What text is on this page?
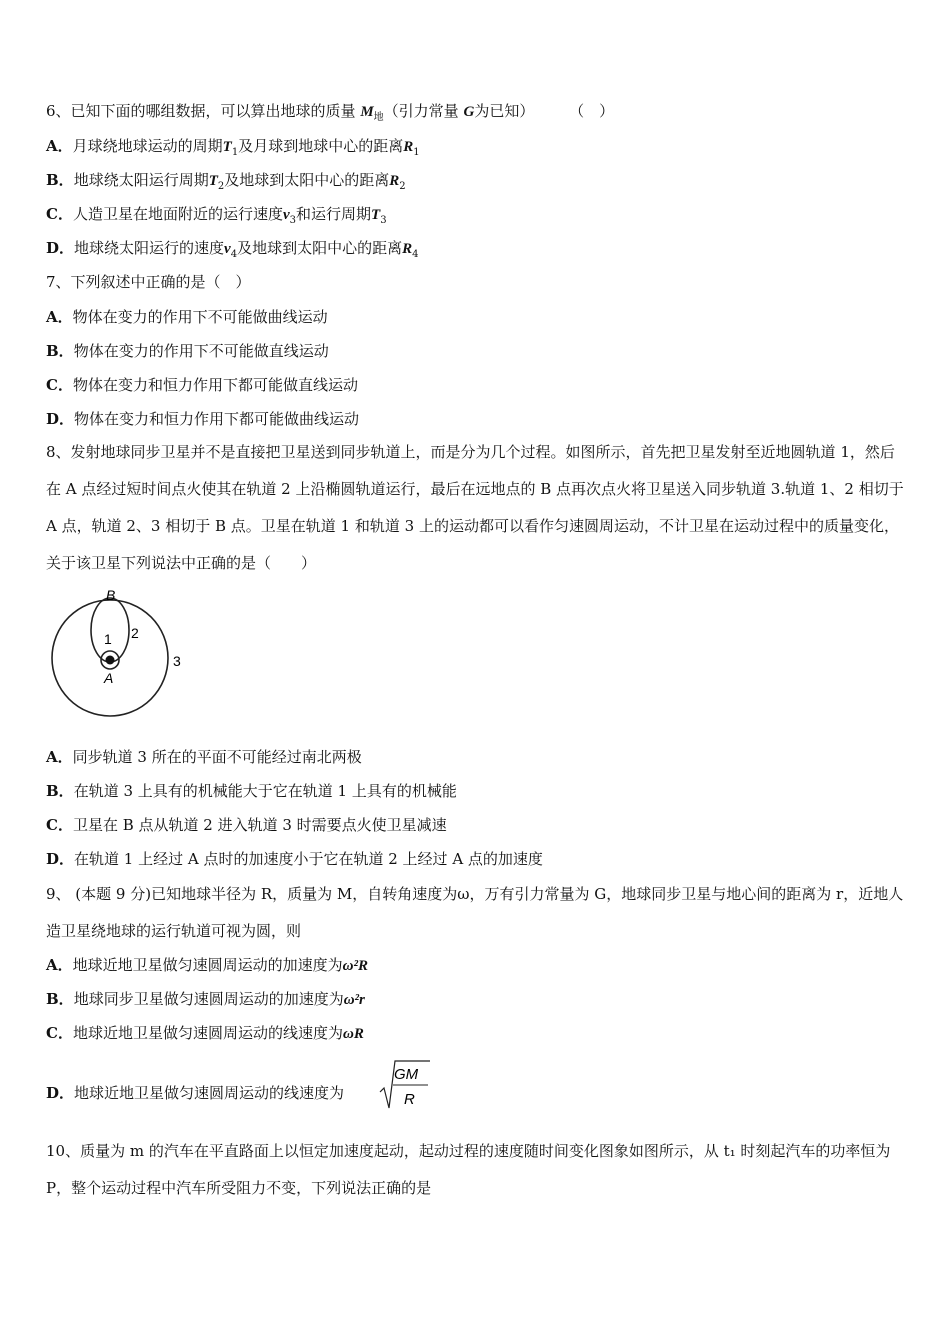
6、已知下面的哪组数据，可以算出地球的质量 $M_地$（引力常量 G为已知） （　）
A．月球绕地球运动的周期$T_1$及月球到地球中心的距离$R_1$
B．地球绕太阳运行周期$T_2$及地球到太阳中心的距离$R_2$
C．人造卫星在地面附近的运行速度$v_3$和运行周期$T_3$
D．地球绕太阳运行的速度$v_4$及地球到太阳中心的距离$R_4$
7、下列叙述中正确的是（　）
A．物体在变力的作用下不可能做曲线运动
B．物体在变力的作用下不可能做直线运动
C．物体在变力和恒力作用下都可能做直线运动
D．物体在变力和恒力作用下都可能做曲线运动
8、发射地球同步卫星并不是直接把卫星送到同步轨道上，而是分为几个过程。如图所示，首先把卫星发射至近地圆轨道 1，然后在 A 点经过短时间点火使其在轨道 2 上沿椭圆轨道运行，最后在远地点的 B 点再次点火将卫星送入同步轨道 3.轨道 1、2 相切于 A 点，轨道 2、3 相切于 B 点。卫星在轨道 1 和轨道 3 上的运动都可以看作匀速圆周运动，不计卫星在运动过程中的质量变化，关于该卫星下列说法中正确的是（　　）
B
1 2
3
A
A．同步轨道 3 所在的平面不可能经过南北两极
B．在轨道 3 上具有的机械能大于它在轨道 1 上具有的机械能
C．卫星在 B 点从轨道 2 进入轨道 3 时需要点火使卫星减速
D．在轨道 1 上经过 A 点时的加速度小于它在轨道 2 上经过 A 点的加速度
9、 (本题 9 分)已知地球半径为 R，质量为 M，自转角速度为ω，万有引力常量为 G，地球同步卫星与地心间的距离为 r，近地人造卫星绕地球的运行轨道可视为圆，则
A．地球近地卫星做匀速圆周运动的加速度为ω²R
B．地球同步卫星做匀速圆周运动的加速度为ω²r
C．地球近地卫星做匀速圆周运动的线速度为ωR
D．地球近地卫星做匀速圆周运动的线速度为
GM
R
10、质量为 m 的汽车在平直路面上以恒定加速度起动，起动过程的速度随时间变化图象如图所示，从 t₁ 时刻起汽车的功率恒为 P，整个运动过程中汽车所受阻力不变，下列说法正确的是
